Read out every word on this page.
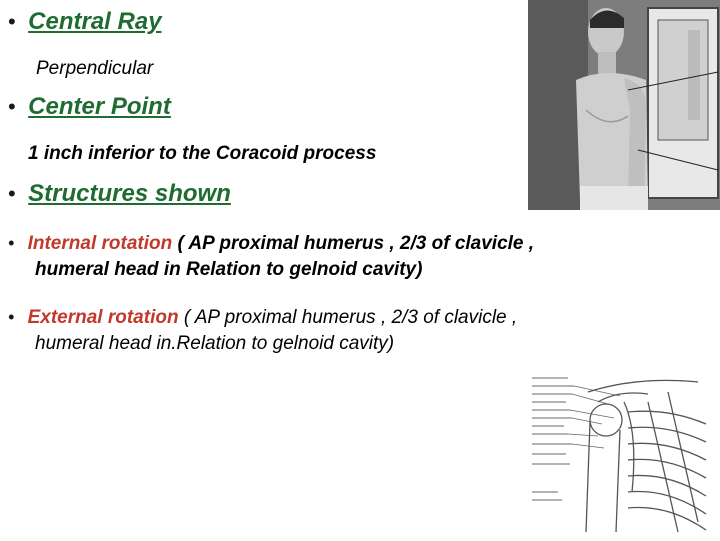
• Central Ray
Perpendicular
• Center Point
1 inch inferior to the Coracoid process
• Structures shown
• Internal rotation ( AP proximal humerus , 2/3 of clavicle ,
humeral head in Relation to gelnoid cavity)
• External rotation ( AP proximal humerus , 2/3 of clavicle ,
humeral head in.Relation to gelnoid cavity)
